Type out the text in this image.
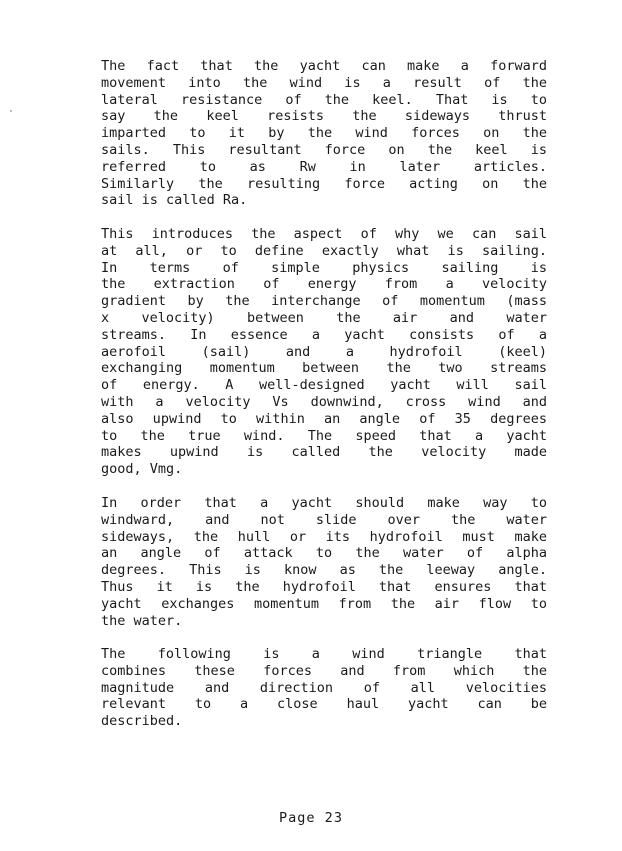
The fact that the yacht can make a forward
movement into the wind is a result of the
lateral resistance of the keel. That is to
say the keel resists the sideways thrust
imparted to it by the wind forces on the
sails. This resultant force on the keel is
referred to as Rw in later articles.
Similarly the resulting force acting on the
sail is called Ra.
This introduces the aspect of why we can sail
at all, or to define exactly what is sailing.
In terms of simple physics sailing is
the extraction of energy from a velocity
gradient by the interchange of momentum (mass
x velocity) between the air and water
streams. In essence a yacht consists of a
aerofoil (sail) and a hydrofoil (keel)
exchanging momentum between the two streams
of energy. A well-designed yacht will sail
with a velocity Vs downwind, cross wind and
also upwind to within an angle of 35 degrees
to the true wind. The speed that a yacht
makes upwind is called the velocity made
good, Vmg.
In order that a yacht should make way to
windward, and not slide over the water
sideways, the hull or its hydrofoil must make
an angle of attack to the water of alpha
degrees. This is know as the leeway angle.
Thus it is the hydrofoil that ensures that
yacht exchanges momentum from the air flow to
the water.
The following is a wind triangle that
combines these forces and from which the
magnitude and direction of all velocities
relevant to a close haul yacht can be
described.
Page 23
